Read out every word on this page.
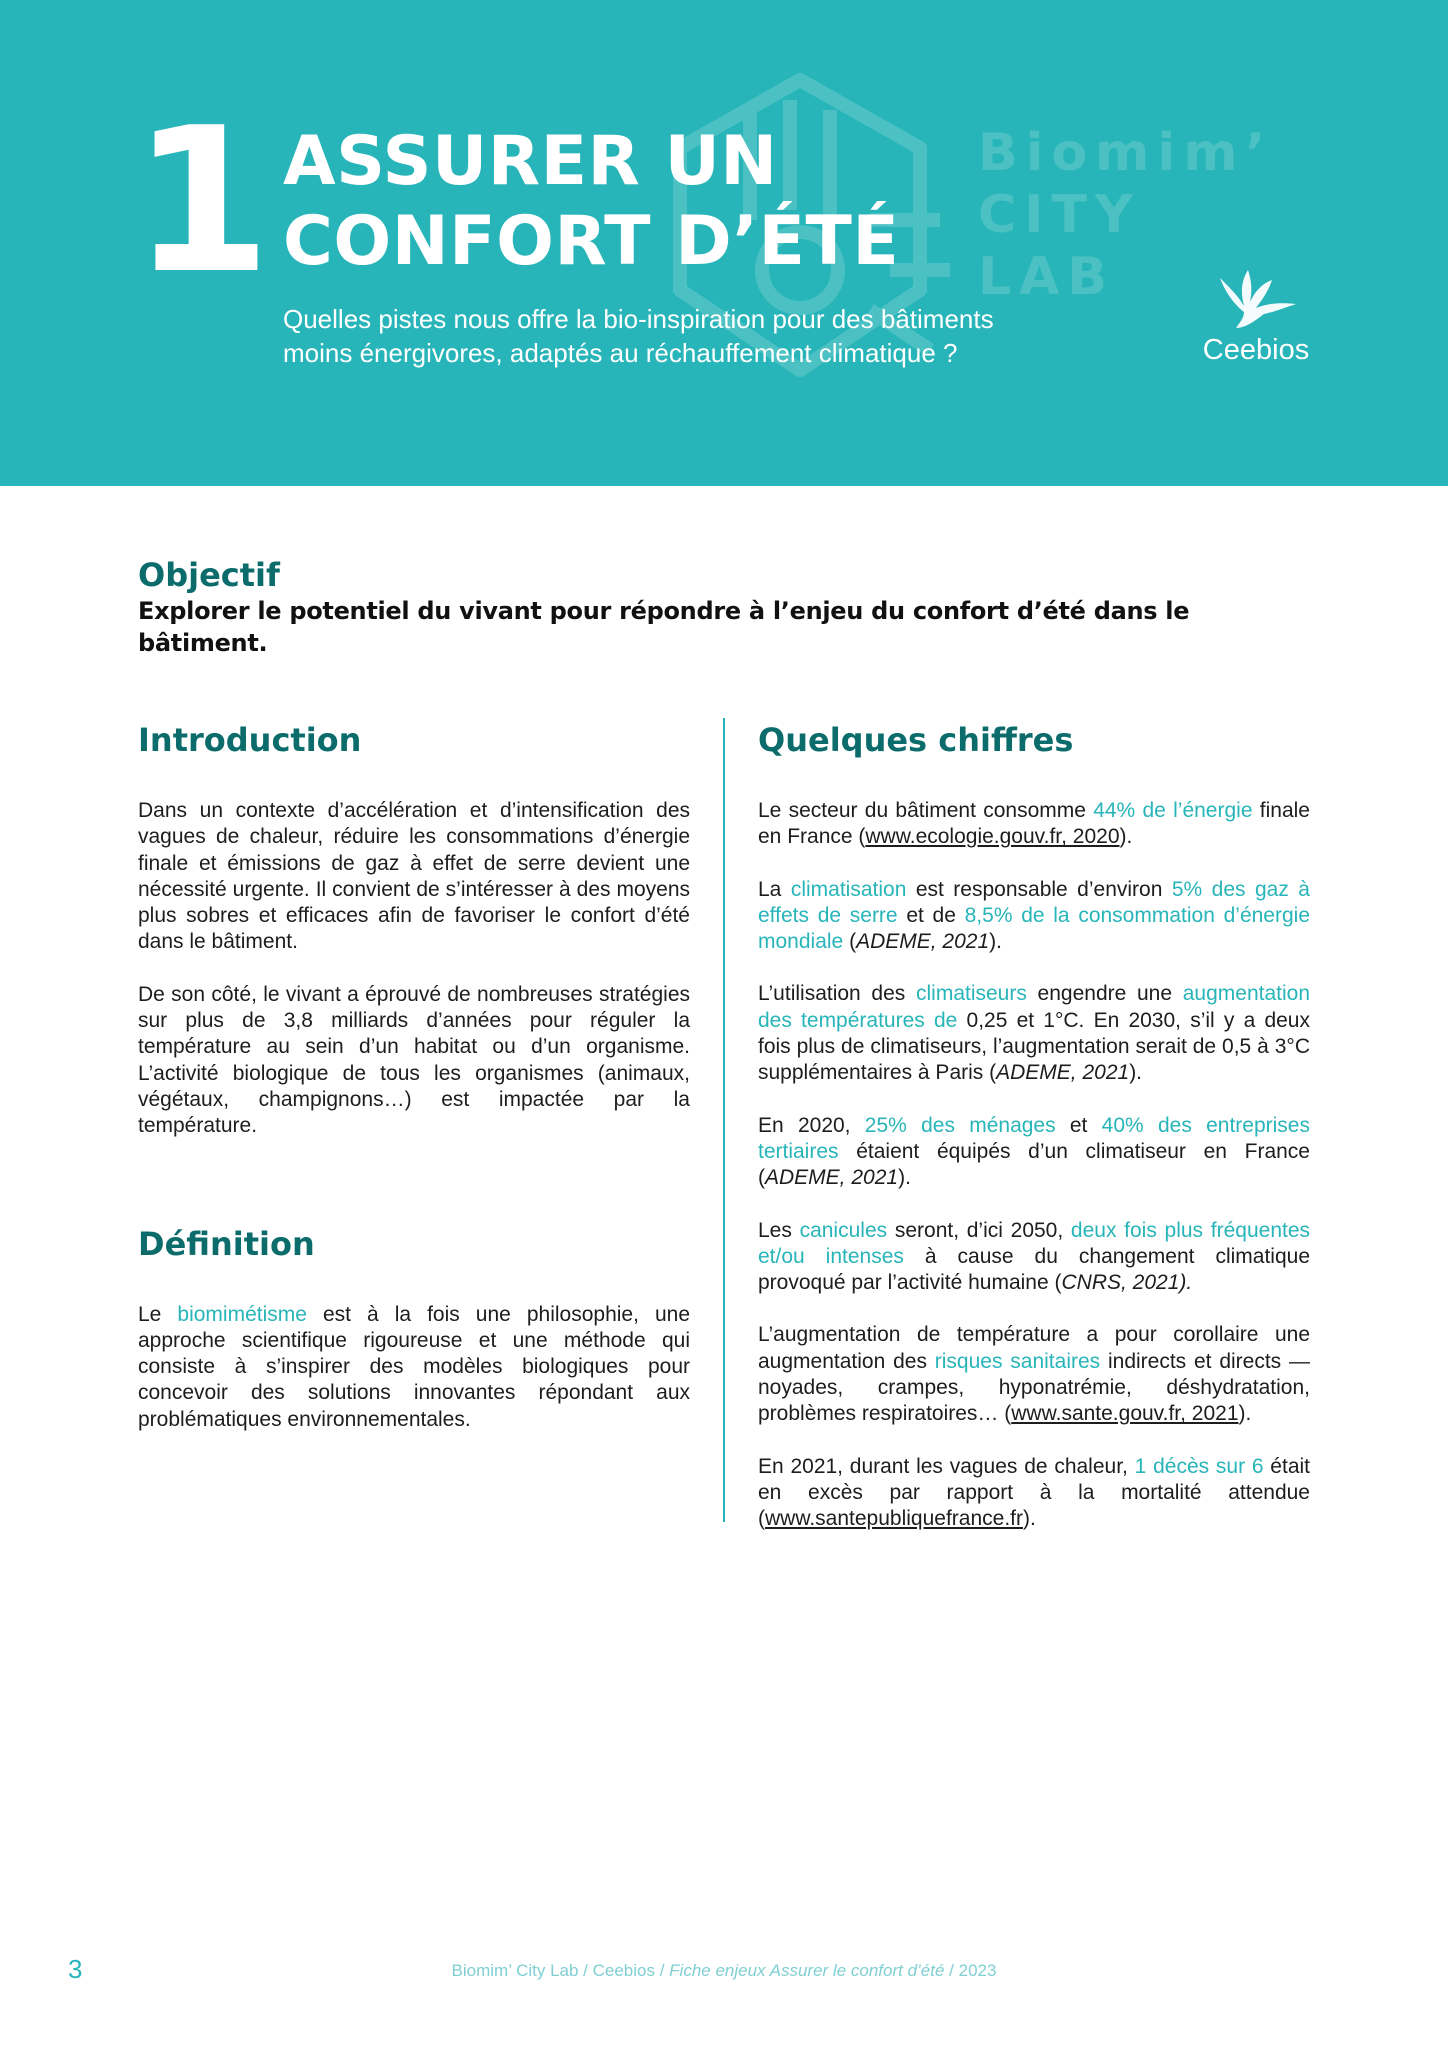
Biomim’
CITY
LAB
1 ASSURER UN
CONFORT D’ÉTÉ
Quelles pistes nous offre la bio-inspiration pour des bâtiments moins énergivores, adaptés au réchauffement climatique ?	Ceebios
Objectif
Explorer le potentiel du vivant pour répondre à l’enjeu du confort d’été dans le bâtiment.
Introduction

Dans un contexte d’accélération et d’intensification des vagues de chaleur, réduire les consommations d’énergie finale et émissions de gaz à effet de serre devient une nécessité urgente. Il convient de s’intéresser à des moyens plus sobres et efficaces afin de favoriser le confort d’été dans le bâtiment.

De son côté, le vivant a éprouvé de nombreuses stratégies sur plus de 3,8 milliards d’années pour réguler la température au sein d’un habitat ou d’un organisme. L’activité biologique de tous les organismes (animaux, végétaux, champignons…) est impactée par la température.

Définition

Le biomimétisme est à la fois une philosophie, une approche scientifique rigoureuse et une méthode qui consiste à s’inspirer des modèles biologiques pour concevoir des solutions innovantes répondant aux problématiques environnementales.

Quelques chiffres

Le secteur du bâtiment consomme 44% de l’énergie finale en France (www.ecologie.gouv.fr, 2020).

La climatisation est responsable d’environ 5% des gaz à effets de serre et de 8,5% de la consommation d’énergie mondiale (ADEME, 2021).

L’utilisation des climatiseurs engendre une augmentation des températures de 0,25 et 1°C. En 2030, s’il y a deux fois plus de climatiseurs, l’augmentation serait de 0,5 à 3°C supplémentaires à Paris (ADEME, 2021).

En 2020, 25% des ménages et 40% des entreprises tertiaires étaient équipés d’un climatiseur en France (ADEME, 2021).

Les canicules seront, d’ici 2050, deux fois plus fréquentes et/ou intenses à cause du changement climatique provoqué par l’activité humaine (CNRS, 2021).

L’augmentation de température a pour corollaire une augmentation des risques sanitaires indirects et directs — noyades, crampes, hyponatrémie, déshydratation, problèmes respiratoires… (www.sante.gouv.fr, 2021).

En 2021, durant les vagues de chaleur, 1 décès sur 6 était en excès par rapport à la mortalité attendue (www.santepubliquefrance.fr).

3	Biomim’ City Lab / Ceebios / Fiche enjeux Assurer le confort d’été / 2023
